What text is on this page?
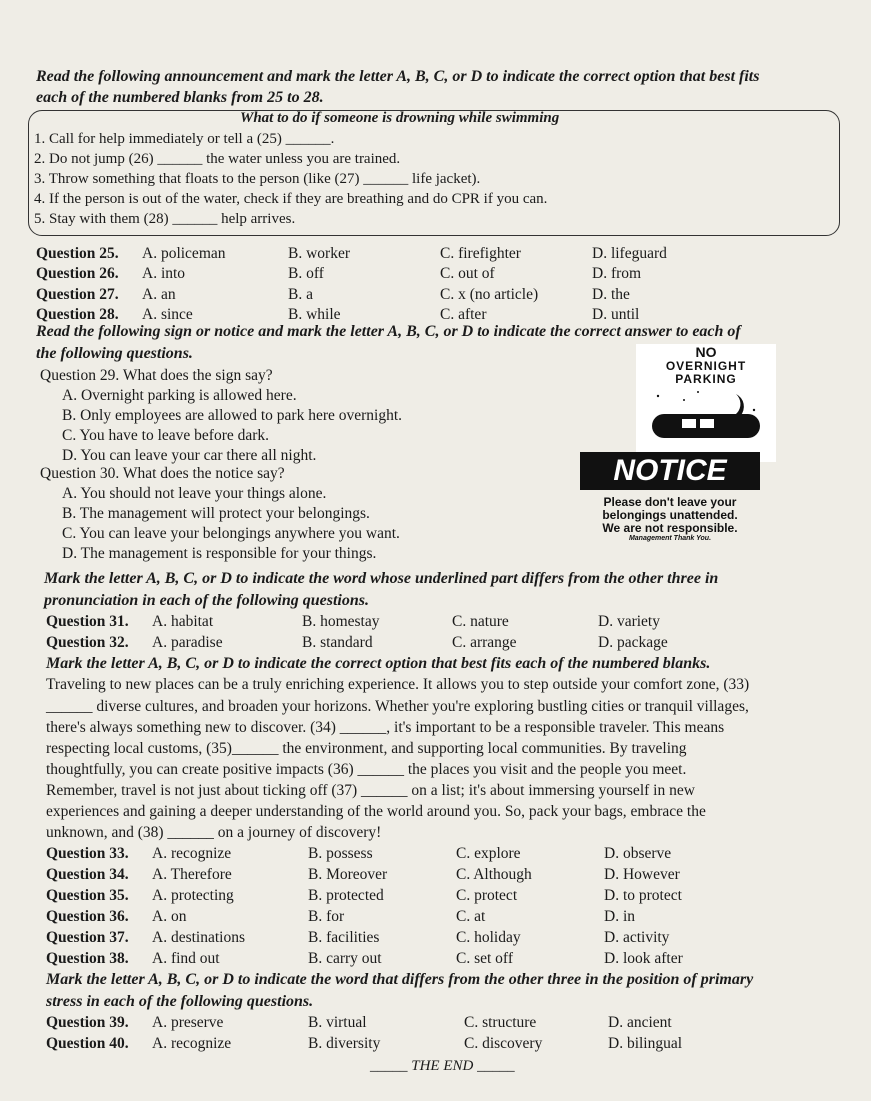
Read the following announcement and mark the letter A, B, C, or D to indicate the correct option that best fits
each of the numbered blanks from 25 to 28.
What to do if someone is drowning while swimming
1. Call for help immediately or tell a (25) ______.
2. Do not jump (26) ______ the water unless you are trained.
3. Throw something that floats to the person (like (27) ______ life jacket).
4. If the person is out of the water, check if they are breathing and do CPR if you can.
5. Stay with them (28) ______ help arrives.
Question 25. A. policeman	B. worker	C. firefighter	D. lifeguard
Question 26. A. into	B. off	C. out of	D. from
Question 27. A. an	B. a	C. x (no article)	D. the
Question 28. A. since	B. while	C. after	D. until
Read the following sign or notice and mark the letter A, B, C, or D to indicate the correct answer to each of
the following questions.
Question 29. What does the sign say?
A. Overnight parking is allowed here.
B. Only employees are allowed to park here overnight.
C. You have to leave before dark.
D. You can leave your car there all night.
NO
OVERNIGHT
PARKING
Question 30. What does the notice say?
A. You should not leave your things alone.
B. The management will protect your belongings.
C. You can leave your belongings anywhere you want.
D. The management is responsible for your things.
NOTICE
Please don't leave your
belongings unattended.
We are not responsible.
Management Thank You.
Mark the letter A, B, C, or D to indicate the word whose underlined part differs from the other three in
pronunciation in each of the following questions.
Question 31. A. habitat	B. homestay	C. nature	D. variety
Question 32. A. paradise	B. standard	C. arrange	D. package
Mark the letter A, B, C, or D to indicate the correct option that best fits each of the numbered blanks.
Traveling to new places can be a truly enriching experience. It allows you to step outside your comfort zone, (33)
______ diverse cultures, and broaden your horizons. Whether you're exploring bustling cities or tranquil villages,
there's always something new to discover. (34) ______, it's important to be a responsible traveler. This means
respecting local customs, (35)______ the environment, and supporting local communities. By traveling
thoughtfully, you can create positive impacts (36) ______ the places you visit and the people you meet.
Remember, travel is not just about ticking off (37) ______ on a list; it's about immersing yourself in new
experiences and gaining a deeper understanding of the world around you. So, pack your bags, embrace the
unknown, and (38) ______ on a journey of discovery!
Question 33. A. recognize	B. possess	C. explore	D. observe
Question 34. A. Therefore	B. Moreover	C. Although	D. However
Question 35. A. protecting	B. protected	C. protect	D. to protect
Question 36. A. on	B. for	C. at	D. in
Question 37. A. destinations	B. facilities	C. holiday	D. activity
Question 38. A. find out	B. carry out	C. set off	D. look after
Mark the letter A, B, C, or D to indicate the word that differs from the other three in the position of primary
stress in each of the following questions.
Question 39. A. preserve	B. virtual	C. structure	D. ancient
Question 40. A. recognize	B. diversity	C. discovery	D. bilingual
_____ THE END _____
